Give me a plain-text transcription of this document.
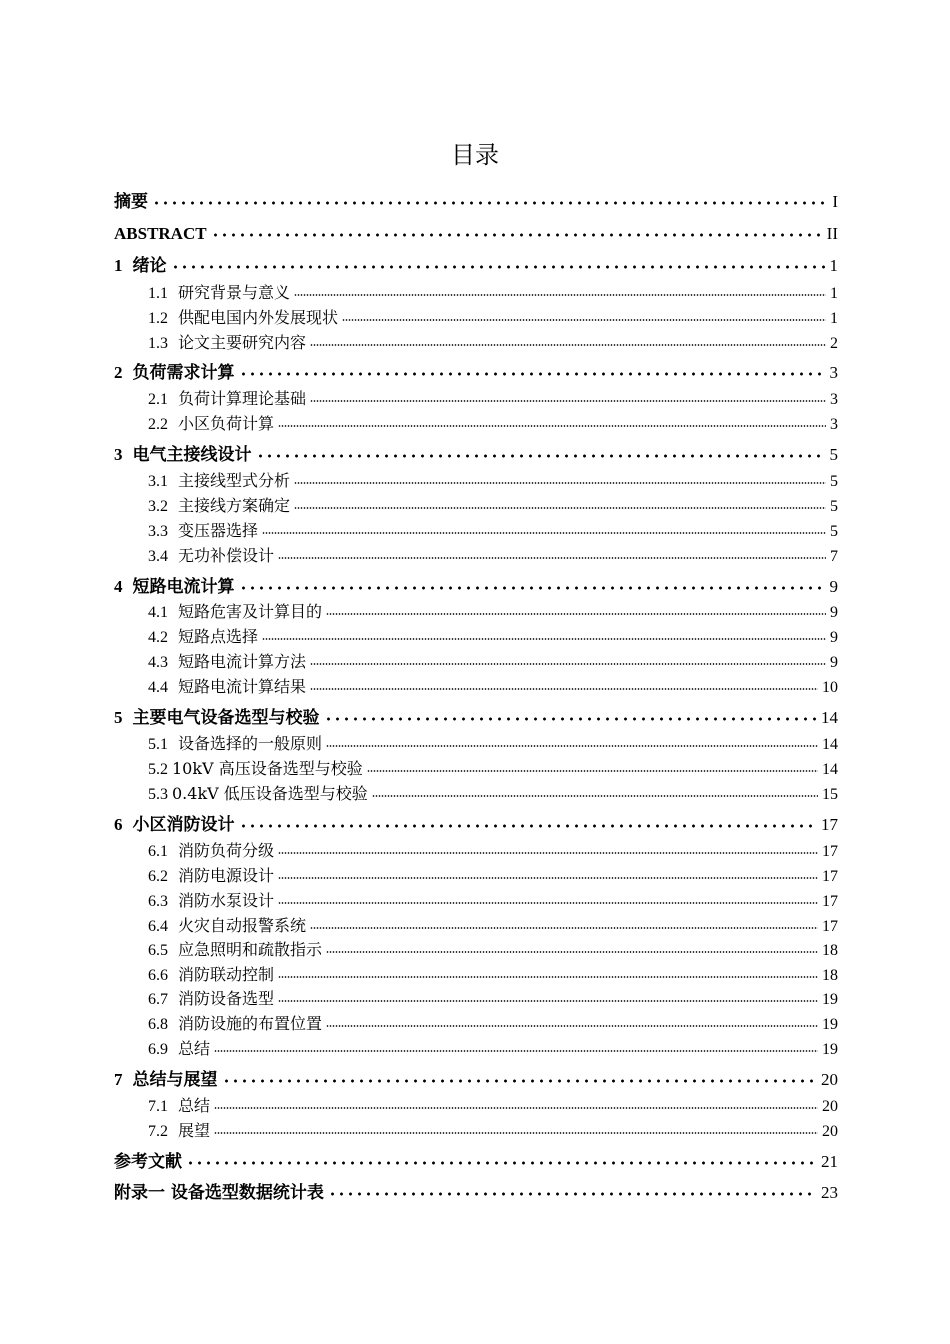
目录
摘要	I
ABSTRACT	II
1 绪论	1
1.1 研究背景与意义	1
1.2 供配电国内外发展现状	1
1.3 论文主要研究内容	2
2 负荷需求计算	3
2.1 负荷计算理论基础	3
2.2 小区负荷计算	3
3 电气主接线设计	5
3.1 主接线型式分析	5
3.2 主接线方案确定	5
3.3 变压器选择	5
3.4 无功补偿设计	7
4 短路电流计算	9
4.1 短路危害及计算目的	9
4.2 短路点选择	9
4.3 短路电流计算方法	9
4.4 短路电流计算结果	10
5 主要电气设备选型与校验	14
5.1 设备选择的一般原则	14
5.2 10kV 高压设备选型与校验	14
5.3 0.4kV 低压设备选型与校验	15
6 小区消防设计	17
6.1 消防负荷分级	17
6.2 消防电源设计	17
6.3 消防水泵设计	17
6.4 火灾自动报警系统	17
6.5 应急照明和疏散指示	18
6.6 消防联动控制	18
6.7 消防设备选型	19
6.8 消防设施的布置位置	19
6.9 总结	19
7 总结与展望	20
7.1 总结	20
7.2 展望	20
参考文献	21
附录一 设备选型数据统计表	23
